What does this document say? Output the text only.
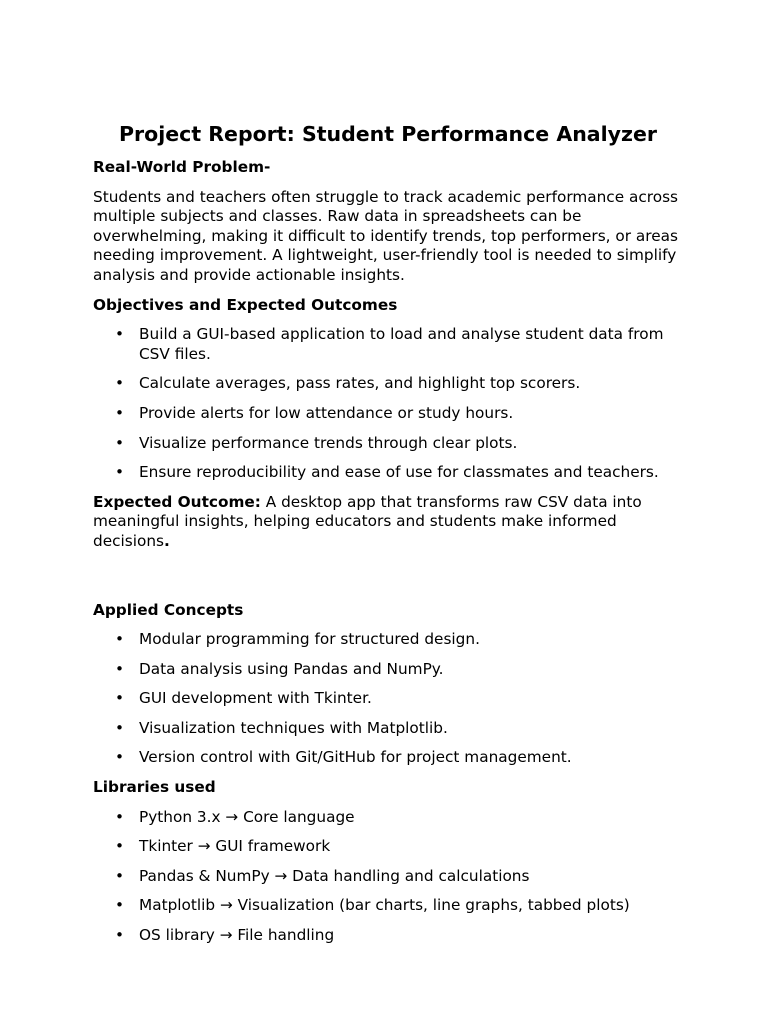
Project Report: Student Performance Analyzer
Real-World Problem-
Students and teachers often struggle to track academic performance across multiple subjects and classes. Raw data in spreadsheets can be overwhelming, making it difficult to identify trends, top performers, or areas needing improvement. A lightweight, user-friendly tool is needed to simplify analysis and provide actionable insights.
Objectives and Expected Outcomes
• Build a GUI-based application to load and analyse student data from CSV files.
• Calculate averages, pass rates, and highlight top scorers.
• Provide alerts for low attendance or study hours.
• Visualize performance trends through clear plots.
• Ensure reproducibility and ease of use for classmates and teachers.
Expected Outcome: A desktop app that transforms raw CSV data into meaningful insights, helping educators and students make informed decisions.
Applied Concepts
• Modular programming for structured design.
• Data analysis using Pandas and NumPy.
• GUI development with Tkinter.
• Visualization techniques with Matplotlib.
• Version control with Git/GitHub for project management.
Libraries used
• Python 3.x → Core language
• Tkinter → GUI framework
• Pandas & NumPy → Data handling and calculations
• Matplotlib → Visualization (bar charts, line graphs, tabbed plots)
• OS library → File handling
